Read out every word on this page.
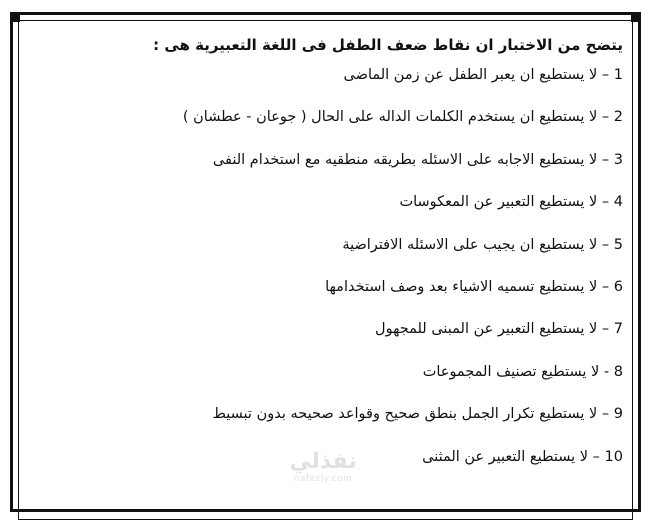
يتضح من الاختبار ان نقاط ضعف الطفل فى اللغة التعبيرية هى :
1 – لا يستطيع ان يعبر الطفل عن زمن الماضى
2 – لا يستطيع ان يستخدم الكلمات الداله على الحال ( جوعان - عطشان )
3 – لا يستطيع الاجابه على الاسئله بطريقه منطقيه مع استخدام النفى
4 – لا يستطيع التعبير عن المعكوسات
5 – لا يستطيع ان يجيب على الاسئله الافتراضية
6 – لا يستطيع تسميه الاشياء بعد وصف استخدامها
7 – لا يستطيع التعبير عن المبنى للمجهول
8 - لا يستطيع تصنيف المجموعات
9 – لا يستطيع تكرار الجمل بنطق صحيح وقواعد صحيحه بدون تبسيط
10 – لا يستطيع التعبير عن المثنى
نفذلي
nafezly.com
